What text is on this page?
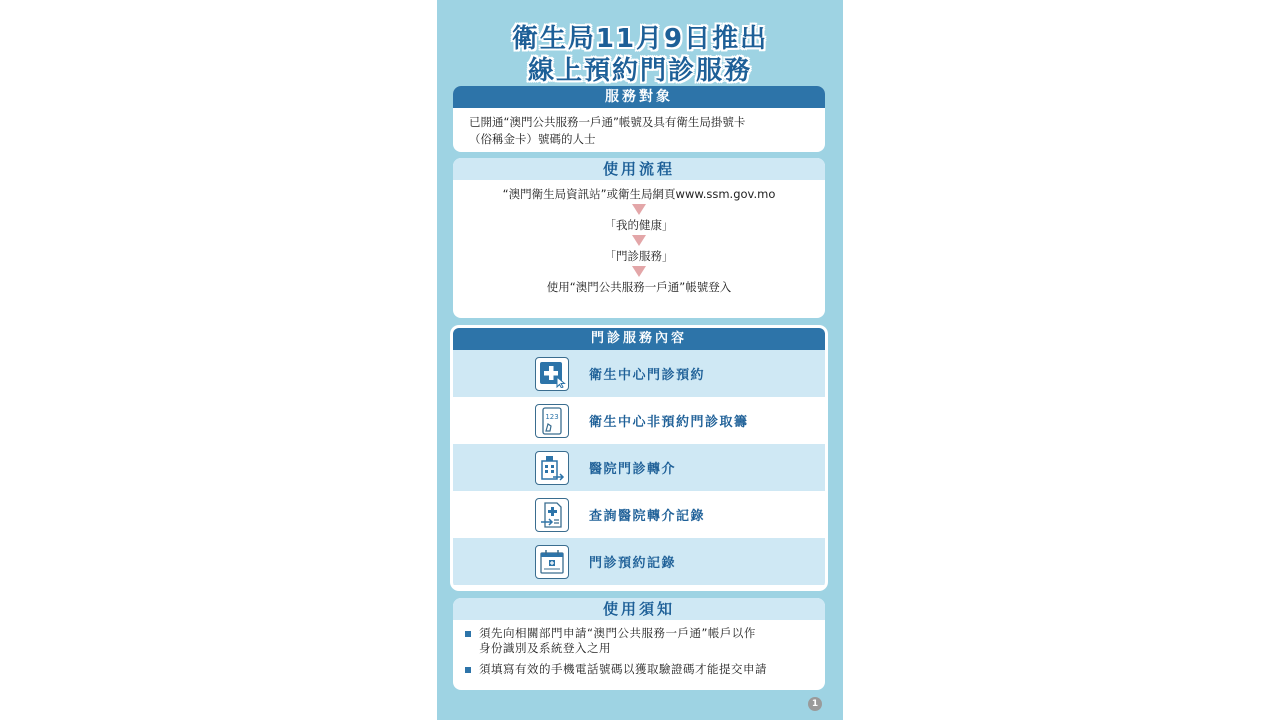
衛生局11月9日推出
線上預約門診服務
服務對象
已開通“澳門公共服務一戶通”帳號及具有衛生局掛號卡
（俗稱金卡）號碼的人士
使用流程
“澳門衛生局資訊站”或衛生局網頁www.ssm.gov.mo
「我的健康」
「門診服務」
使用“澳門公共服務一戶通”帳號登入
門診服務內容
衛生中心門診預約
123 衛生中心非預約門診取籌
醫院門診轉介
查詢醫院轉介記錄
門診預約記錄
使用須知
須先向相關部門申請“澳門公共服務一戶通”帳戶以作
身份識別及系統登入之用
須填寫有效的手機電話號碼以獲取驗證碼才能提交申請
1
